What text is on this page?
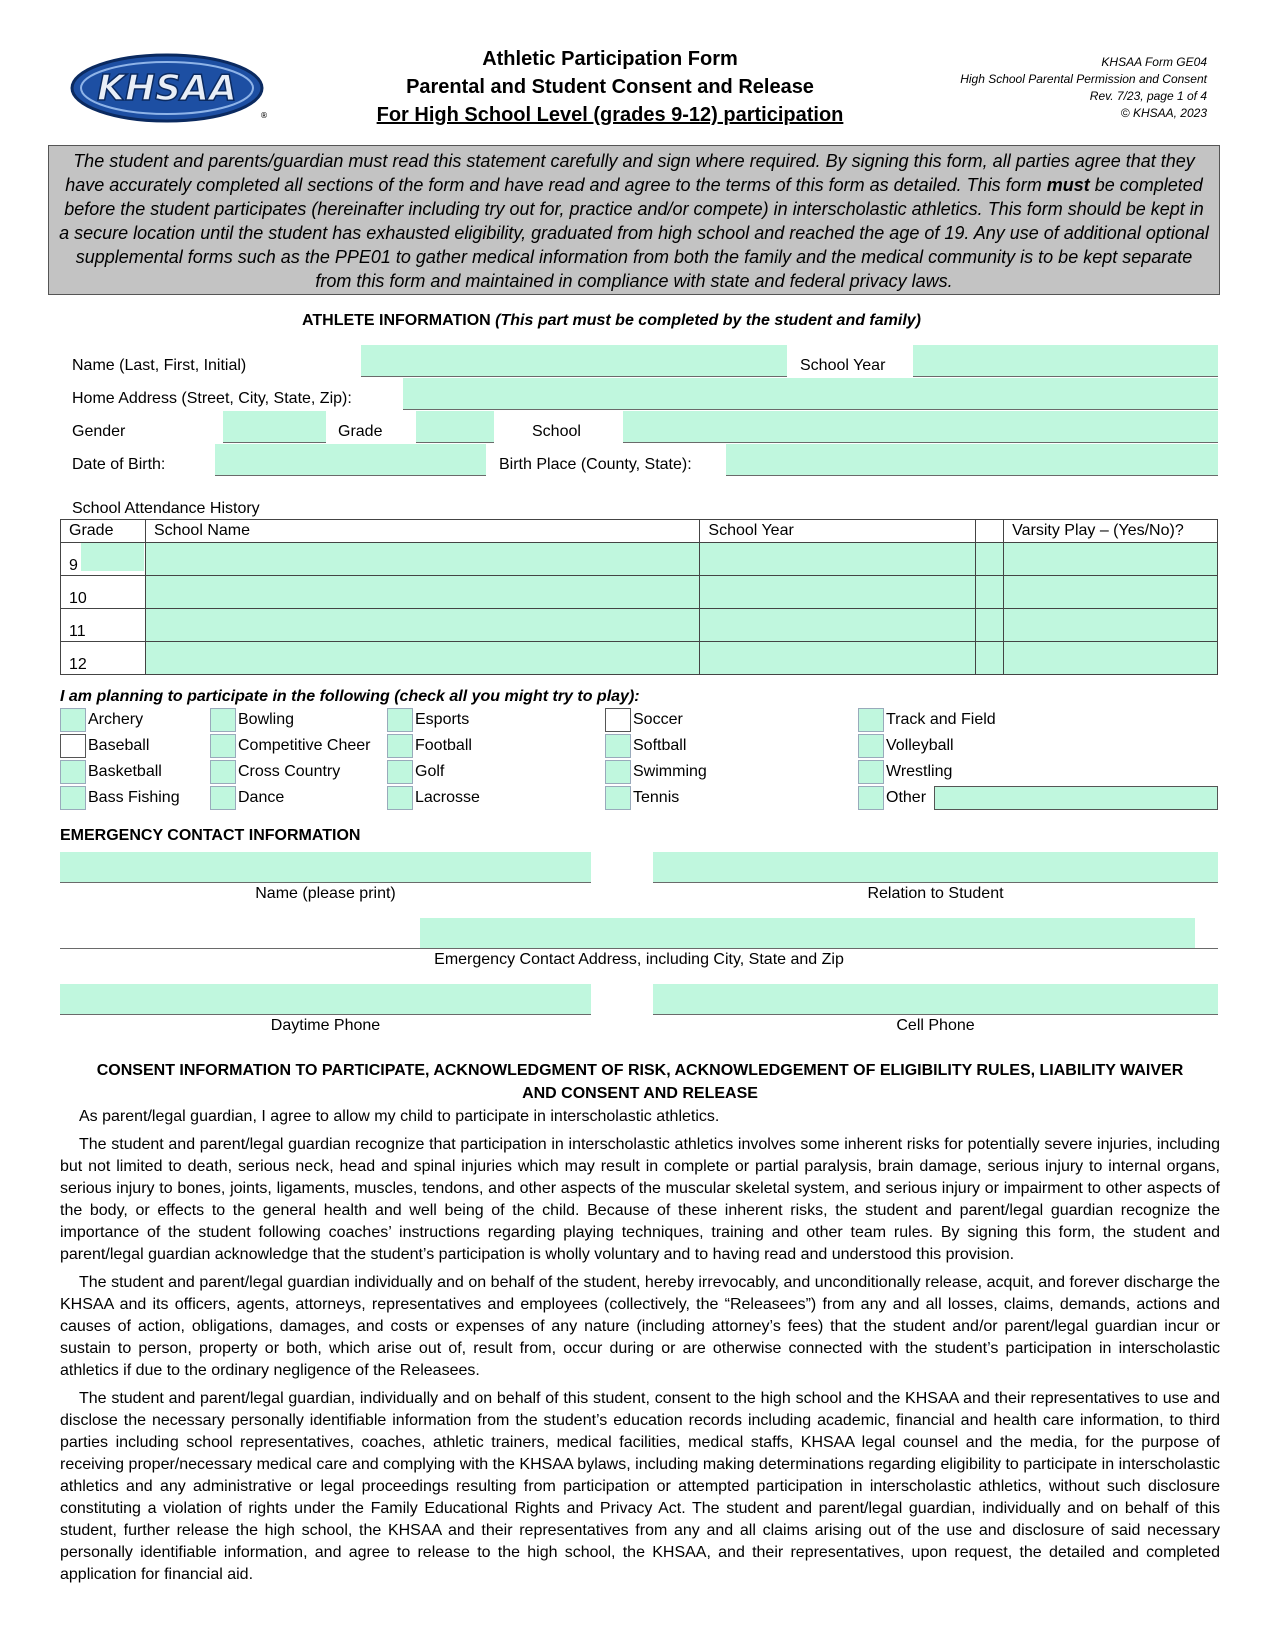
KHSAA
®
Athletic Participation Form
Parental and Student Consent and Release
For High School Level (grades 9-12) participation
KHSAA Form GE04
High School Parental Permission and Consent
Rev. 7/23, page 1 of 4
© KHSAA, 2023
The student and parents/guardian must read this statement carefully and sign where required. By signing this form, all parties agree that they have accurately completed all sections of the form and have read and agree to the terms of this form as detailed. This form must be completed before the student participates (hereinafter including try out for, practice and/or compete) in interscholastic athletics. This form should be kept in a secure location until the student has exhausted eligibility, graduated from high school and reached the age of 19. Any use of additional optional supplemental forms such as the PPE01 to gather medical information from both the family and the medical community is to be kept separate from this form and maintained in compliance with state and federal privacy laws.
ATHLETE INFORMATION (This part must be completed by the student and family)
Name (Last, First, Initial)	School Year
Home Address (Street, City, State, Zip):
Gender	Grade	School
Date of Birth:	Birth Place (County, State):
School Attendance History
Grade	School Name	School Year		Varsity Play – (Yes/No)?

9				
10				
11				
12				
I am planning to participate in the following (check all you might try to play):
Archery
Baseball
Basketball
Bass Fishing
Bowling
Competitive Cheer
Cross Country
Dance
Esports
Football
Golf
Lacrosse
Soccer
Softball
Swimming
Tennis
Track and Field
Volleyball
Wrestling
Other
EMERGENCY CONTACT INFORMATION
Name (please print)	Relation to Student
Emergency Contact Address, including City, State and Zip
Daytime Phone	Cell Phone
CONSENT INFORMATION TO PARTICIPATE, ACKNOWLEDGMENT OF RISK, ACKNOWLEDGEMENT OF ELIGIBILITY RULES, LIABILITY WAIVER
AND CONSENT AND RELEASE

As parent/legal guardian, I agree to allow my child to participate in interscholastic athletics.

The student and parent/legal guardian recognize that participation in interscholastic athletics involves some inherent risks for potentially severe injuries, including but not limited to death, serious neck, head and spinal injuries which may result in complete or partial paralysis, brain damage, serious injury to internal organs, serious injury to bones, joints, ligaments, muscles, tendons, and other aspects of the muscular skeletal system, and serious injury or impairment to other aspects of the body, or effects to the general health and well being of the child. Because of these inherent risks, the student and parent/legal guardian recognize the importance of the student following coaches’ instructions regarding playing techniques, training and other team rules. By signing this form, the student and parent/legal guardian acknowledge that the student’s participation is wholly voluntary and to having read and understood this provision.

The student and parent/legal guardian individually and on behalf of the student, hereby irrevocably, and unconditionally release, acquit, and forever discharge the KHSAA and its officers, agents, attorneys, representatives and employees (collectively, the “Releasees”) from any and all losses, claims, demands, actions and causes of action, obligations, damages, and costs or expenses of any nature (including attorney’s fees) that the student and/or parent/legal guardian incur or sustain to person, property or both, which arise out of, result from, occur during or are otherwise connected with the student’s participation in interscholastic athletics if due to the ordinary negligence of the Releasees.

The student and parent/legal guardian, individually and on behalf of this student, consent to the high school and the KHSAA and their representatives to use and disclose the necessary personally identifiable information from the student’s education records including academic, financial and health care information, to third parties including school representatives, coaches, athletic trainers, medical facilities, medical staffs, KHSAA legal counsel and the media, for the purpose of receiving proper/necessary medical care and complying with the KHSAA bylaws, including making determinations regarding eligibility to participate in interscholastic athletics and any administrative or legal proceedings resulting from participation or attempted participation in interscholastic athletics, without such disclosure constituting a violation of rights under the Family Educational Rights and Privacy Act. The student and parent/legal guardian, individually and on behalf of this student, further release the high school, the KHSAA and their representatives from any and all claims arising out of the use and disclosure of said necessary personally identifiable information, and agree to release to the high school, the KHSAA, and their representatives, upon request, the detailed and completed application for financial aid.
